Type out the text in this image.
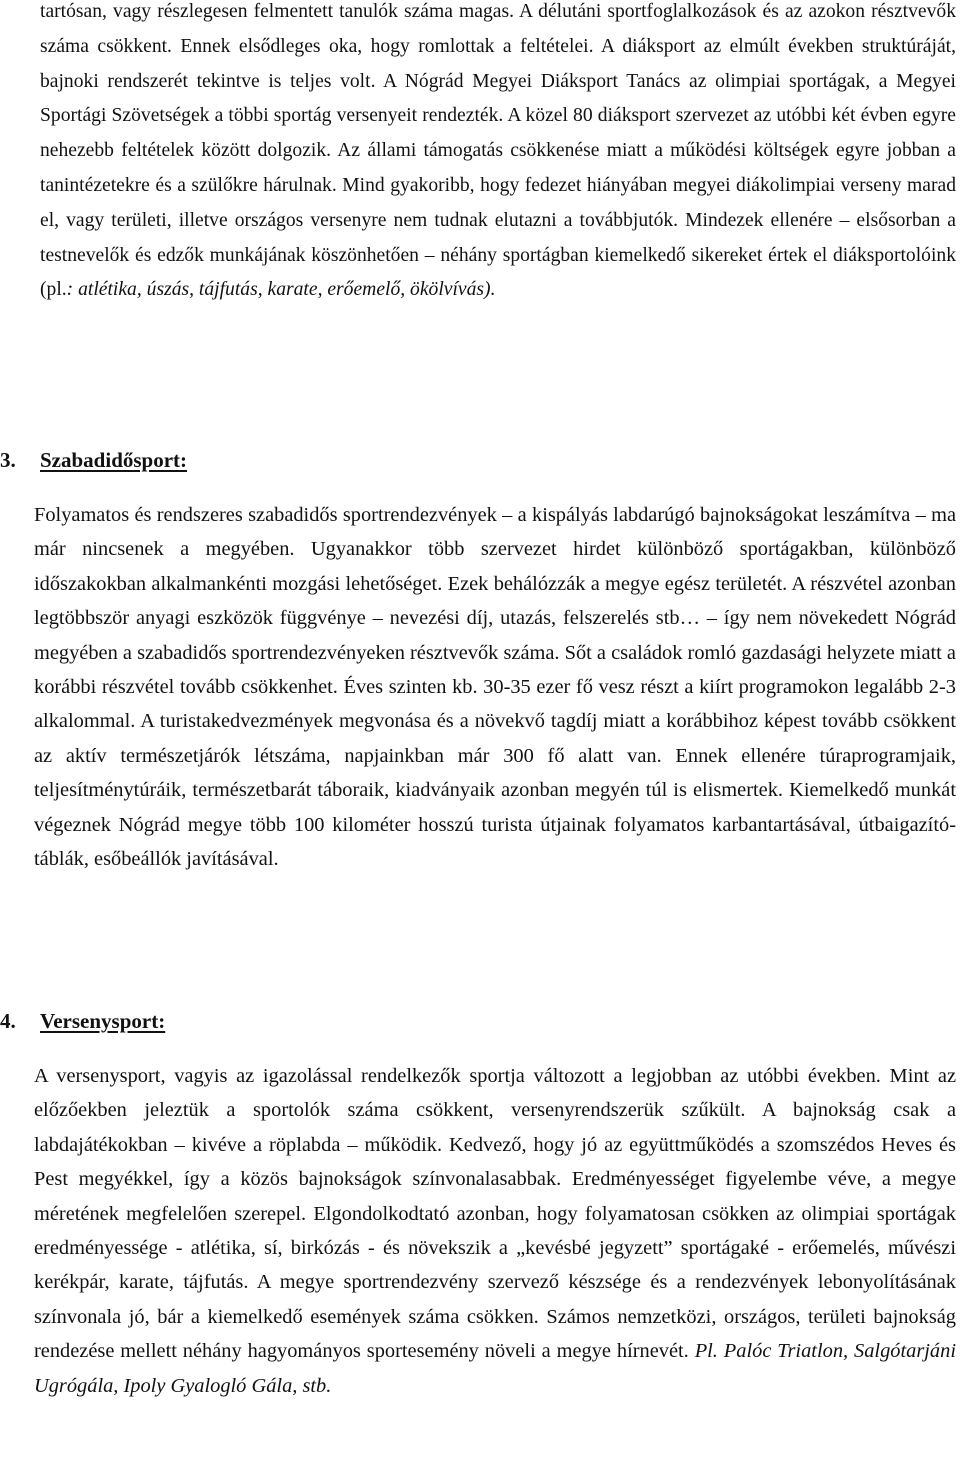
tartósan, vagy részlegesen felmentett tanulók száma magas. A délutáni sportfoglalkozások és az azokon résztvevők száma csökkent. Ennek elsődleges oka, hogy romlottak a feltételei. A diáksport az elmúlt években struktúráját, bajnoki rendszerét tekintve is teljes volt. A Nógrád Megyei Diáksport Tanács az olimpiai sportágak, a Megyei Sportági Szövetségek a többi sportág versenyeit rendezték. A közel 80 diáksport szervezet az utóbbi két évben egyre nehezebb feltételek között dolgozik. Az állami támogatás csökkenése miatt a működési költségek egyre jobban a tanintézetekre és a szülőkre hárulnak. Mind gyakoribb, hogy fedezet hiányában megyei diákolimpiai verseny marad el, vagy területi, illetve országos versenyre nem tudnak elutazni a továbbjutók. Mindezek ellenére – elsősorban a testnevelők és edzők munkájának köszönhetően – néhány sportágban kiemelkedő sikereket értek el diáksportolóink (pl.: atlétika, úszás, tájfutás, karate, erőemelő, ökölvívás).

3. Szabadidősport:

Folyamatos és rendszeres szabadidős sportrendezvények – a kispályás labdarúgó bajnokságokat leszámítva – ma már nincsenek a megyében. Ugyanakkor több szervezet hirdet különböző sportágakban, különböző időszakokban alkalmankénti mozgási lehetőséget. Ezek behálózzák a megye egész területét. A részvétel azonban legtöbbször anyagi eszközök függvénye – nevezési díj, utazás, felszerelés stb… – így nem növekedett Nógrád megyében a szabadidős sportrendezvényeken résztvevők száma. Sőt a családok romló gazdasági helyzete miatt a korábbi részvétel tovább csökkenhet. Éves szinten kb. 30-35 ezer fő vesz részt a kiírt programokon legalább 2-3 alkalommal. A turistakedvezmények megvonása és a növekvő tagdíj miatt a korábbihoz képest tovább csökkent az aktív természetjárók létszáma, napjainkban már 300 fő alatt van. Ennek ellenére túraprogramjaik, teljesítménytúráik, természetbarát táboraik, kiadványaik azonban megyén túl is elismertek. Kiemelkedő munkát végeznek Nógrád megye több 100 kilométer hosszú turista útjainak folyamatos karbantartásával, útbaigazító- táblák, esőbeállók javításával.

4. Versenysport:

A versenysport, vagyis az igazolással rendelkezők sportja változott a legjobban az utóbbi években. Mint az előzőekben jeleztük a sportolók száma csökkent, versenyrendszerük szűkült. A bajnokság csak a labdajátékokban – kivéve a röplabda – működik. Kedvező, hogy jó az együttműködés a szomszédos Heves és Pest megyékkel, így a közös bajnokságok színvonalasabbak. Eredményességet figyelembe véve, a megye méretének megfelelően szerepel. Elgondolkodtató azonban, hogy folyamatosan csökken az olimpiai sportágak eredményessége - atlétika, sí, birkózás - és növekszik a „kevésbé jegyzett” sportágaké - erőemelés, művészi kerékpár, karate, tájfutás. A megye sportrendezvény szervező készsége és a rendezvények lebonyolításának színvonala jó, bár a kiemelkedő események száma csökken. Számos nemzetközi, országos, területi bajnokság rendezése mellett néhány hagyományos sportesemény növeli a megye hírnevét. Pl. Palóc Triatlon, Salgótarjáni Ugrógála, Ipoly Gyalogló Gála, stb.
